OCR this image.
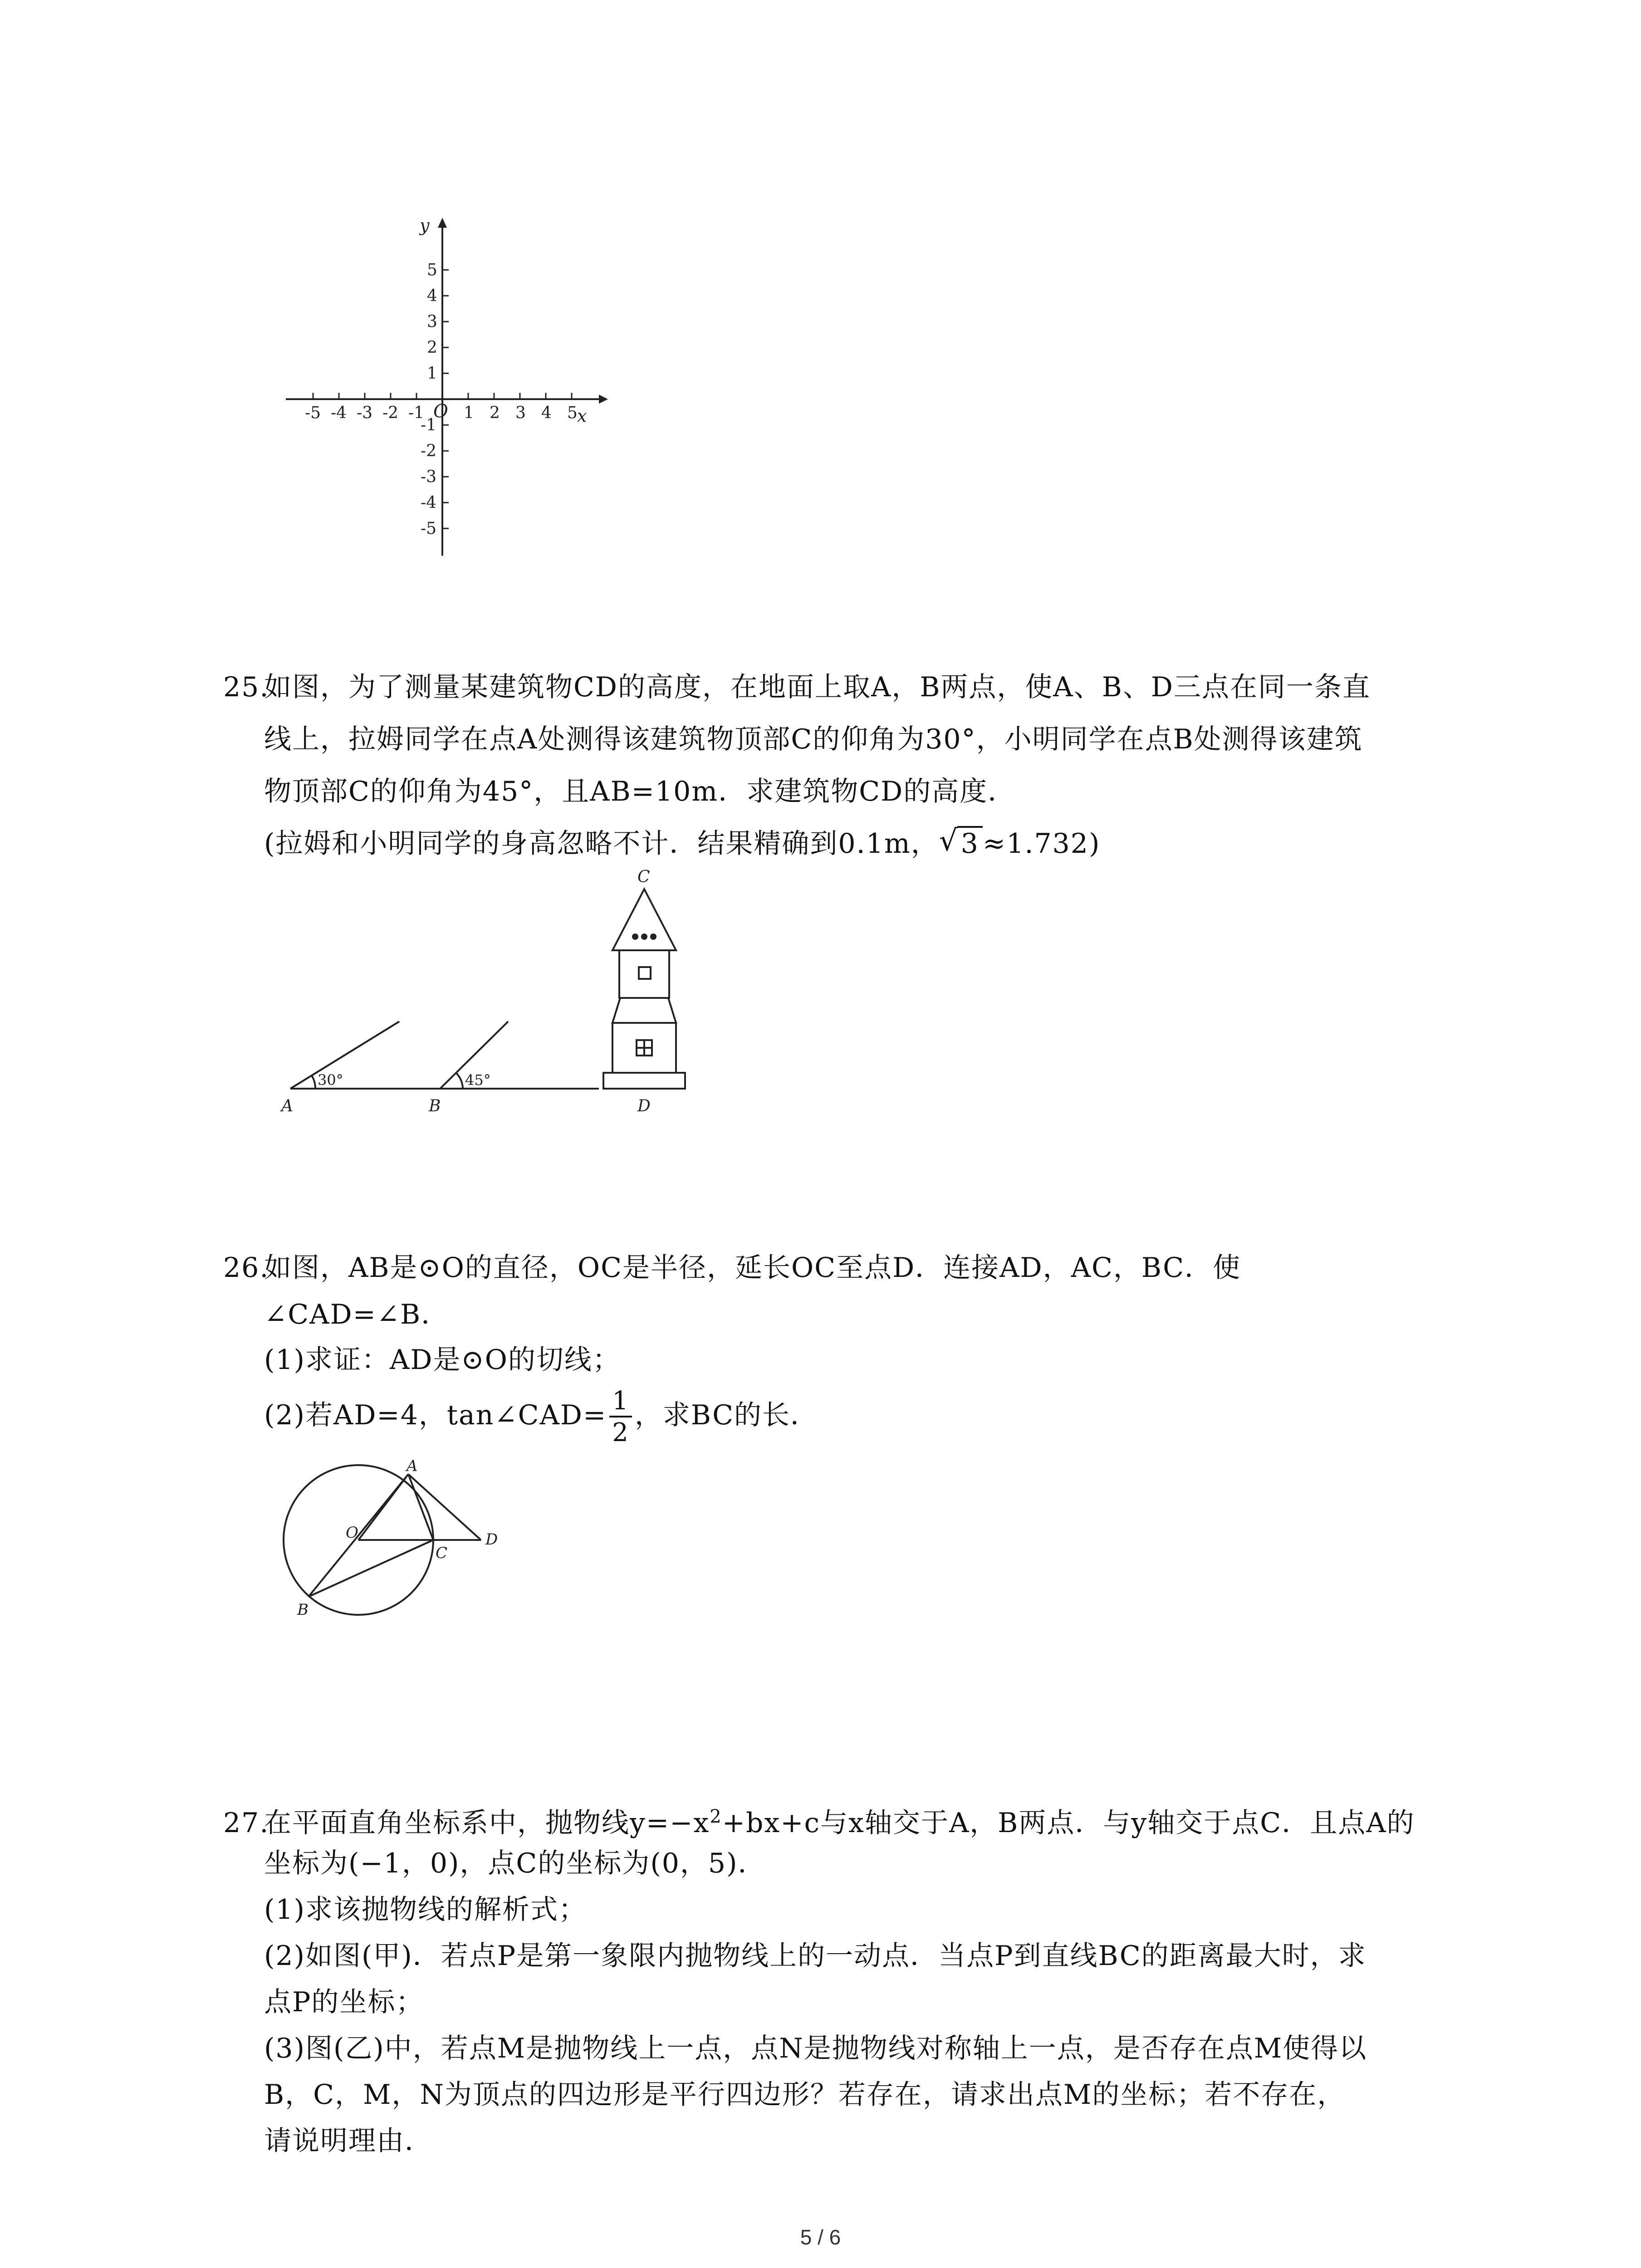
-5 -4 -3 -2 -1 1 2 3 4 5
5
4
3
2
1
-1
-2
-3
-4
-5
y
x
O
25.如图，为了测量某建筑物CD的高度，在地面上取A，B两点，使A、B、D三点在同一条直
线上，拉姆同学在点A处测得该建筑物顶部C的仰角为30°，小明同学在点B处测得该建筑
物顶部C的仰角为45°，且AB=10m．求建筑物CD的高度．
(拉姆和小明同学的身高忽略不计．结果精确到0.1m， √ 3 ≈1.732)
A	B	D
C
30°	45°
26.如图，AB是⊙O的直径，OC是半径，延长OC至点D．连接AD，AC，BC．使
∠CAD=∠B．
(1)求证：AD是⊙O的切线；
(2)若AD=4，tan∠CAD= $\frac{1}{2}$ ，求BC的长．
A
O
C
D
B
27.在平面直角坐标系中，抛物线$y=-x^2+bx+c$与x轴交于A，B两点．与y轴交于点C．且点A的
坐标为(−1，0)，点C的坐标为(0，5)．
(1)求该抛物线的解析式；
(2)如图(甲)．若点P是第一象限内抛物线上的一动点．当点P到直线BC的距离最大时，求
点P的坐标；
(3)图(乙)中，若点M是抛物线上一点，点N是抛物线对称轴上一点，是否存在点M使得以
B，C，M，N为顶点的四边形是平行四边形？若存在，请求出点M的坐标；若不存在，
请说明理由．
5 / 6
